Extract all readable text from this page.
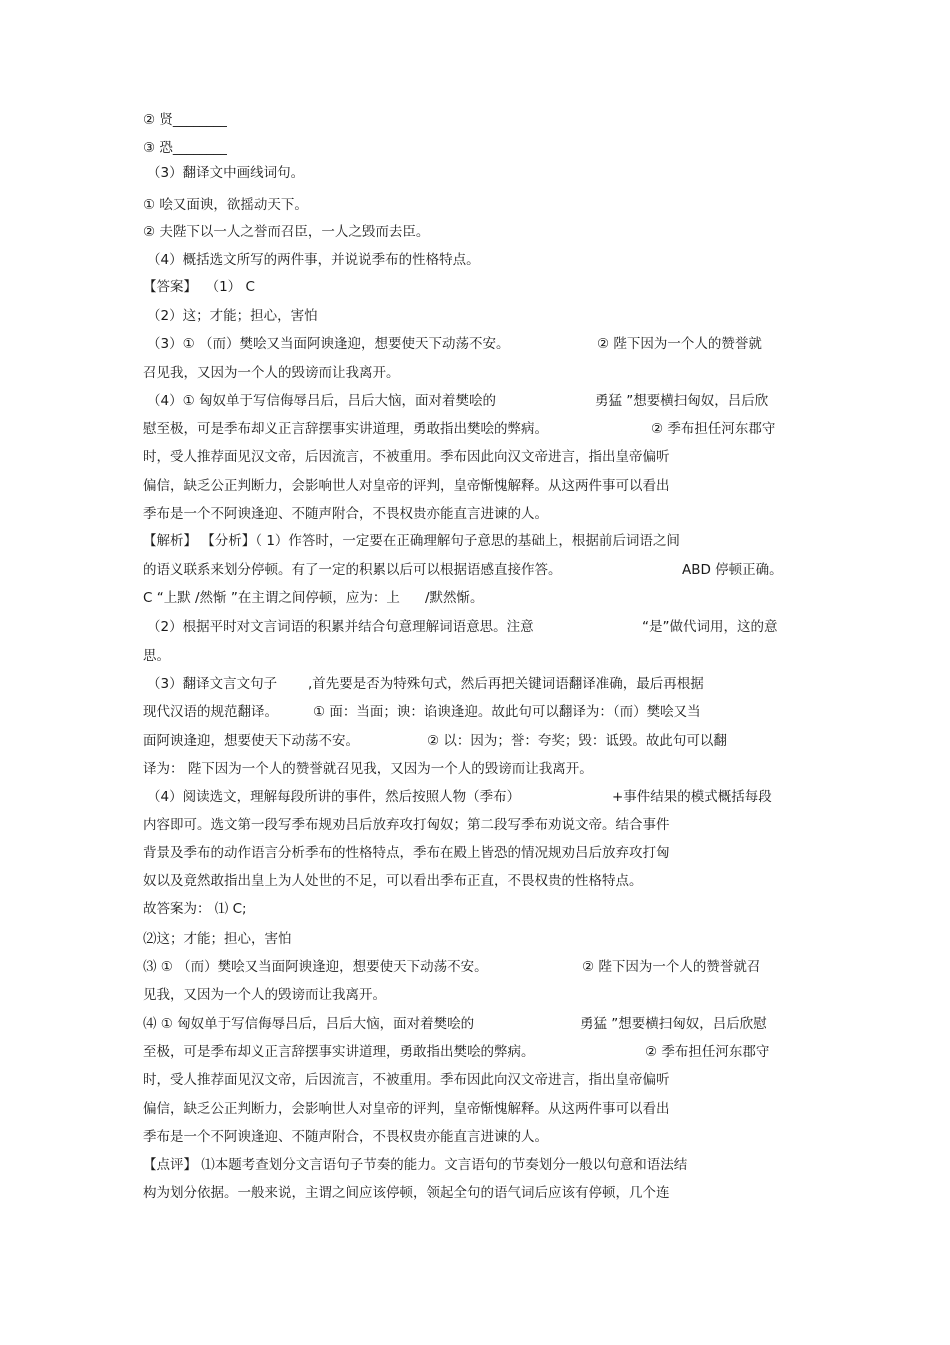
② 贤________
③ 恐________
（3）翻译文中画线词句。
① 哙又面谀，欲摇动天下。
② 夫陛下以一人之誉而召臣，一人之毁而去臣。
（4）概括选文所写的两件事，并说说季布的性格特点。
【答案】  （1） C
（2）这；才能；担心，害怕
（3）① （而）樊哙又当面阿谀逢迎，想要使天下动荡不安。	② 陛下因为一个人的赞誉就
召见我，又因为一个人的毁谤而让我离开。
（4）① 匈奴单于写信侮辱吕后，吕后大恼，面对着樊哙的	勇猛 ”想要横扫匈奴，吕后欣
慰至极，可是季布却义正言辞摆事实讲道理，勇敢指出樊哙的弊病。	② 季布担任河东郡守
时，受人推荐面见汉文帝，后因流言，不被重用。季布因此向汉文帝进言，指出皇帝偏听
偏信，缺乏公正判断力，会影响世人对皇帝的评判，皇帝惭愧解释。从这两件事可以看出
季布是一个不阿谀逢迎、不随声附合，不畏权贵亦能直言进谏的人。
【解析】 【分析】（ 1）作答时，一定要在正确理解句子意思的基础上，根据前后词语之间
的语义联系来划分停顿。有了一定的积累以后可以根据语感直接作答。	ABD 停顿正确。
C “上默 /然惭 ”在主谓之间停顿，应为：上 /默然惭。
（2）根据平时对文言词语的积累并结合句意理解词语意思。注意	“是”做代词用，这的意
思。
（3）翻译文言文句子 ,首先要是否为特殊句式，然后再把关键词语翻译准确，最后再根据
现代汉语的规范翻译。	① 面：当面；谀：谄谀逢迎。故此句可以翻译为：（而）樊哙又当
面阿谀逢迎，想要使天下动荡不安。	② 以：因为；誉：夸奖；毁：诋毁。故此句可以翻
译为： 陛下因为一个人的赞誉就召见我，又因为一个人的毁谤而让我离开。
（4）阅读选文，理解每段所讲的事件，然后按照人物（季布）	+事件结果的模式概括每段
内容即可。选文第一段写季布规劝吕后放弃攻打匈奴；第二段写季布劝说文帝。结合事件
背景及季布的动作语言分析季布的性格特点，季布在殿上皆恐的情况规劝吕后放弃攻打匈
奴以及竟然敢指出皇上为人处世的不足，可以看出季布正直，不畏权贵的性格特点。
故答案为： ⑴ C;
⑵这；才能；担心，害怕
⑶ ① （而）樊哙又当面阿谀逢迎，想要使天下动荡不安。	② 陛下因为一个人的赞誉就召
见我，又因为一个人的毁谤而让我离开。
⑷ ① 匈奴单于写信侮辱吕后，吕后大恼，面对着樊哙的	勇猛 ”想要横扫匈奴，吕后欣慰
至极，可是季布却义正言辞摆事实讲道理，勇敢指出樊哙的弊病。	② 季布担任河东郡守
时，受人推荐面见汉文帝，后因流言，不被重用。季布因此向汉文帝进言，指出皇帝偏听
偏信，缺乏公正判断力，会影响世人对皇帝的评判，皇帝惭愧解释。从这两件事可以看出
季布是一个不阿谀逢迎、不随声附合，不畏权贵亦能直言进谏的人。
【点评】 ⑴本题考查划分文言语句子节奏的能力。文言语句的节奏划分一般以句意和语法结
构为划分依据。一般来说，主谓之间应该停顿，领起全句的语气词后应该有停顿，几个连
